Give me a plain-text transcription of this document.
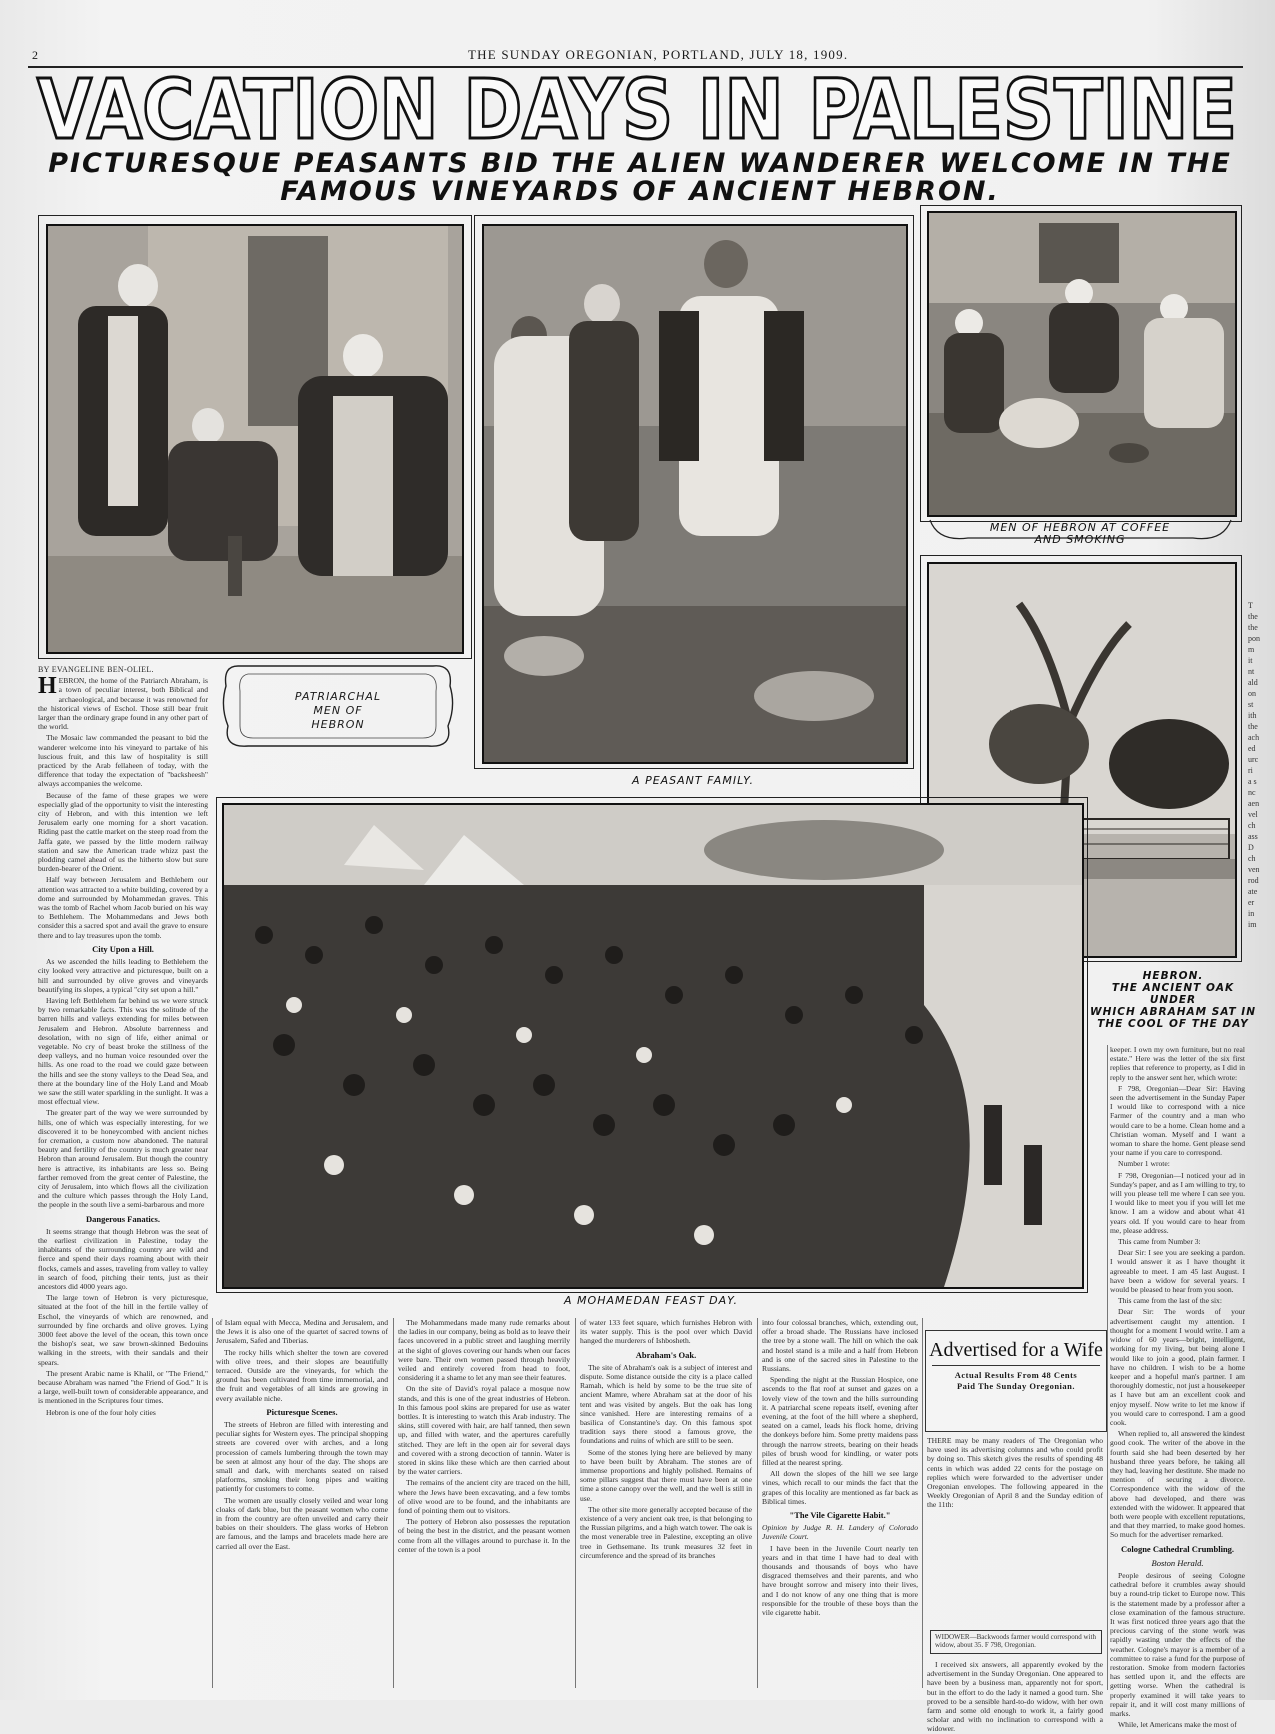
2	THE SUNDAY OREGONIAN, PORTLAND, JULY 18, 1909.
VACATION DAYS IN PALESTINE
PICTURESQUE PEASANTS BID THE ALIEN WANDERER WELCOME IN THE
FAMOUS VINEYARDS OF ANCIENT HEBRON.
MEN OF HEBRON AT COFFEE
AND SMOKING
HEBRON.
THE ANCIENT OAK UNDER
WHICH ABRAHAM SAT IN
THE COOL OF THE DAY
A PEASANT FAMILY.
PATRIARCHAL
MEN OF
HEBRON
A MOHAMEDAN FEAST DAY.

BY EVANGELINE BEN-OLIEL.

HEBRON, the home of the Patriarch Abraham, is a town of peculiar interest, both Biblical and archaeological, and because it was renowned for the historical views of Eschol. Those still bear fruit larger than the ordinary grape found in any other part of the world.

The Mosaic law commanded the peasant to bid the wanderer welcome into his vineyard to partake of his luscious fruit, and this law of hospitality is still practiced by the Arab fellaheen of today, with the difference that today the expectation of "backsheesh" always accompanies the welcome.

Because of the fame of these grapes we were especially glad of the opportunity to visit the interesting city of Hebron, and with this intention we left Jerusalem early one morning for a short vacation. Riding past the cattle market on the steep road from the Jaffa gate, we passed by the little modern railway station and saw the American trade whizz past the plodding camel ahead of us the hitherto slow but sure burden-bearer of the Orient.

Half way between Jerusalem and Bethlehem our attention was attracted to a white building, covered by a dome and surrounded by Mohammedan graves. This was the tomb of Rachel whom Jacob buried on his way to Bethlehem. The Mohammedans and Jews both consider this a sacred spot and avail the grave to ensure there and to lay treasures upon the tomb.

City Upon a Hill.

As we ascended the hills leading to Bethlehem the city looked very attractive and picturesque, built on a hill and surrounded by olive groves and vineyards beautifying its slopes, a typical "city set upon a hill."

Having left Bethlehem far behind us we were struck by two remarkable facts. This was the solitude of the barren hills and valleys extending for miles between Jerusalem and Hebron. Absolute barrenness and desolation, with no sign of life, either animal or vegetable. No cry of beast broke the stillness of the deep valleys, and no human voice resounded over the hills. As one road to the road we could gaze between the hills and see the stony valleys to the Dead Sea, and there at the boundary line of the Holy Land and Moab we saw the still water sparkling in the sunlight. It was a most effectual view.

The greater part of the way we were surrounded by hills, one of which was especially interesting, for we discovered it to be honeycombed with ancient niches for cremation, a custom now abandoned. The natural beauty and fertility of the country is much greater near Hebron than around Jerusalem. But though the country here is attractive, its inhabitants are less so. Being farther removed from the great center of Palestine, the city of Jerusalem, into which flows all the civilization and the culture which passes through the Holy Land, the people in the south live a semi-barbarous and more

Dangerous Fanatics.

It seems strange that though Hebron was the seat of the earliest civilization in Palestine, today the inhabitants of the surrounding country are wild and fierce and spend their days roaming about with their flocks, camels and asses, traveling from valley to valley in search of food, pitching their tents, just as their ancestors did 4000 years ago.

The large town of Hebron is very picturesque, situated at the foot of the hill in the fertile valley of Eschol, the vineyards of which are renowned, and surrounded by fine orchards and olive groves. Lying 3000 feet above the level of the ocean, this town once the bishop's seat, we saw brown-skinned Bedouins walking in the streets, with their sandals and their spears.

The present Arabic name is Khalil, or "The Friend," because Abraham was named "the Friend of God." It is a large, well-built town of considerable appearance, and is mentioned in the Scriptures four times.

Hebron is one of the four holy cities

of Islam equal with Mecca, Medina and Jerusalem, and the Jews it is also one of the quartet of sacred towns of Jerusalem, Safed and Tiberias.

The rocky hills which shelter the town are covered with olive trees, and their slopes are beautifully terraced. Outside are the vineyards, for which the ground has been cultivated from time immemorial, and the fruit and vegetables of all kinds are growing in every available niche.

Picturesque Scenes.

The streets of Hebron are filled with interesting and peculiar sights for Western eyes. The principal shopping streets are covered over with arches, and a long procession of camels lumbering through the town may be seen at almost any hour of the day. The shops are small and dark, with merchants seated on raised platforms, smoking their long pipes and waiting patiently for customers to come.

The women are usually closely veiled and wear long cloaks of dark blue, but the peasant women who come in from the country are often unveiled and carry their babies on their shoulders. The glass works of Hebron are famous, and the lamps and bracelets made here are carried all over the East.

The Mohammedans made many rude remarks about the ladies in our company, being as bold as to leave their faces uncovered in a public street and laughing merrily at the sight of gloves covering our hands when our faces were bare. Their own women passed through heavily veiled and entirely covered from head to foot, considering it a shame to let any man see their features.

On the site of David's royal palace a mosque now stands, and this is one of the great industries of Hebron. In this famous pool skins are prepared for use as water bottles. It is interesting to watch this Arab industry. The skins, still covered with hair, are half tanned, then sewn up, and filled with water, and the apertures carefully stitched. They are left in the open air for several days and covered with a strong decoction of tannin. Water is stored in skins like these which are then carried about by the water carriers.

The remains of the ancient city are traced on the hill, where the Jews have been excavating, and a few tombs of olive wood are to be found, and the inhabitants are fond of pointing them out to visitors.

The pottery of Hebron also possesses the reputation of being the best in the district, and the peasant women come from all the villages around to purchase it. In the center of the town is a pool

of water 133 feet square, which furnishes Hebron with its water supply. This is the pool over which David hanged the murderers of Ishbosheth.

Abraham's Oak.

The site of Abraham's oak is a subject of interest and dispute. Some distance outside the city is a place called Ramah, which is held by some to be the true site of ancient Mamre, where Abraham sat at the door of his tent and was visited by angels. But the oak has long since vanished. Here are interesting remains of a basilica of Constantine's day. On this famous spot tradition says there stood a famous grove, the foundations and ruins of which are still to be seen.

Some of the stones lying here are believed by many to have been built by Abraham. The stones are of immense proportions and highly polished. Remains of some pillars suggest that there must have been at one time a stone canopy over the well, and the well is still in use.

The other site more generally accepted because of the existence of a very ancient oak tree, is that belonging to the Russian pilgrims, and a high watch tower. The oak is the most venerable tree in Palestine, excepting an olive tree in Gethsemane. Its trunk measures 32 feet in circumference and the spread of its branches

into four colossal branches, which, extending out, offer a broad shade. The Russians have inclosed the tree by a stone wall. The hill on which the oak and hostel stand is a mile and a half from Hebron and is one of the sacred sites in Palestine to the Russians.

Spending the night at the Russian Hospice, one ascends to the flat roof at sunset and gazes on a lovely view of the town and the hills surrounding it. A patriarchal scene repeats itself, evening after evening, at the foot of the hill where a shepherd, seated on a camel, leads his flock home, driving the donkeys before him. Some pretty maidens pass through the narrow streets, bearing on their heads piles of brush wood for kindling, or water pots filled at the nearest spring.

All down the slopes of the hill we see large vines, which recall to our minds the fact that the grapes of this locality are mentioned as far back as Biblical times.

"The Vile Cigarette Habit."

Opinion by Judge R. H. Landery of Colorado Juvenile Court.

I have been in the Juvenile Court nearly ten years and in that time I have had to deal with thousands and thousands of boys who have disgraced themselves and their parents, and who have brought sorrow and misery into their lives, and I do not know of any one thing that is more responsible for the trouble of these boys than the vile cigarette habit.

Advertised for a Wife
Actual Results From 48 Cents
Paid The Sunday Oregonian.

THERE may be many readers of The Oregonian who have used its advertising columns and who could profit by doing so. This sketch gives the results of spending 48 cents in which was added 22 cents for the postage on replies which were forwarded to the advertiser under Oregonian envelopes. The following appeared in the Weekly Oregonian of April 8 and the Sunday edition of the 11th:

WIDOWER—Backwoods farmer would correspond with widow, about 35. F 798, Oregonian.

I received six answers, all apparently evoked by the advertisement in the Sunday Oregonian. One appeared to have been by a business man, apparently not for sport, but in the effort to do the lady it named a good turn. She proved to be a sensible hard-to-do widow, with her own farm and some old enough to work it, a fairly good scholar and with no inclination to correspond with a widower.

keeper. I own my own furniture, but no real estate." Here was the letter of the six first replies that reference to property, as I did in reply to the answer sent her, which wrote:

F 798, Oregonian—Dear Sir: Having seen the advertisement in the Sunday Paper I would like to correspond with a nice Farmer of the country and a man who would care to be a home. Clean home and a Christian woman. Myself and I want a woman to share the home. Gent please send your name if you care to correspond.

Number 1 wrote:

F 798, Oregonian—I noticed your ad in Sunday's paper, and as I am willing to try, to will you please tell me where I can see you. I would like to meet you if you will let me know. I am a widow and about what 41 years old. If you would care to hear from me, please address.

This came from Number 3:

Dear Sir: I see you are seeking a pardon. I would answer it as I have thought it agreeable to meet. I am 45 last August. I have been a widow for several years. I would be pleased to hear from you soon.

This came from the last of the six:

Dear Sir: The words of your advertisement caught my attention. I thought for a moment I would write. I am a widow of 60 years—bright, intelligent, working for my living, but being alone I would like to join a good, plain farmer. I have no children. I wish to be a home keeper and a hopeful man's partner. I am thoroughly domestic, not just a housekeeper as I have but am an excellent cook and enjoy myself. Now write to let me know if you would care to correspond. I am a good cook.

When replied to, all answered the kindest good cook. The writer of the above in the fourth said she had been deserted by her husband three years before, he taking all they had, leaving her destitute. She made no mention of securing a divorce. Correspondence with the widow of the above had developed, and there was extended with the widower. It appeared that both were people with excellent reputations, and that they married, to make good homes. So much for the advertiser remarked.

Cologne Cathedral Crumbling.

Boston Herald.

People desirous of seeing Cologne cathedral before it crumbles away should buy a round-trip ticket to Europe now. This is the statement made by a professor after a close examination of the famous structure. It was first noticed three years ago that the precious carving of the stone work was rapidly wasting under the effects of the weather. Cologne's mayor is a member of a committee to raise a fund for the purpose of restoration. Smoke from modern factories has settled upon it, and the effects are getting worse. When the cathedral is properly examined it will take years to repair it, and it will cost many millions of marks.

While, let Americans make the most of

T
the
the
pon
m
it
nt
ald
on
st
ith
the
ach
ed
urc
ri
a s
nc
aen
vel
ch
ass
D
ch
ven
rod
ate
er
in
im
